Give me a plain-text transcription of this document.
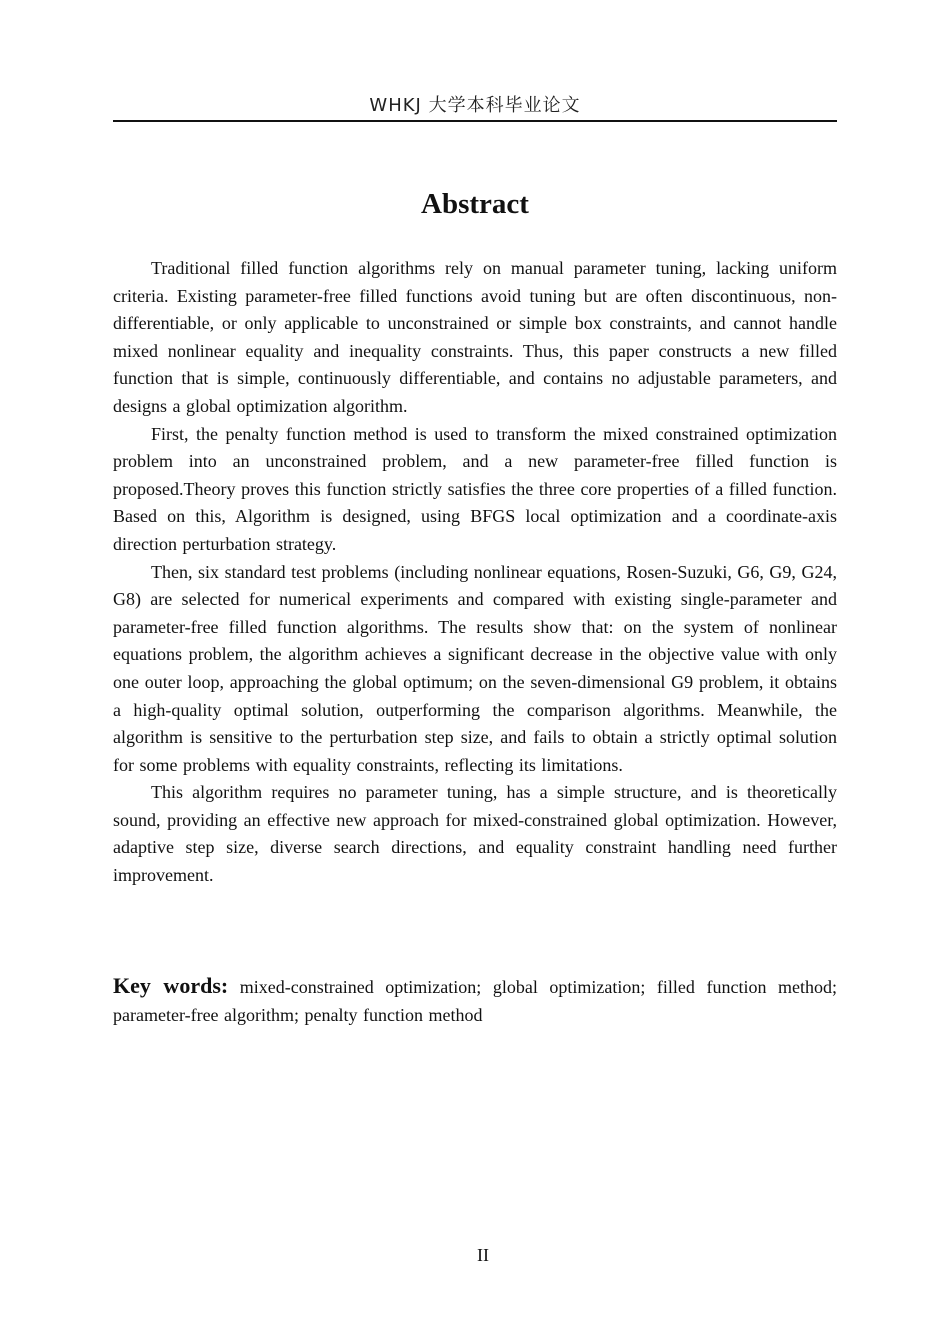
WHKJ 大学本科毕业论文
Abstract

Traditional filled function algorithms rely on manual parameter tuning, lacking uniform criteria. Existing parameter-free filled functions avoid tuning but are often discontinuous, non-differentiable, or only applicable to unconstrained or simple box constraints, and cannot handle mixed nonlinear equality and inequality constraints. Thus, this paper constructs a new filled function that is simple, continuously differentiable, and contains no adjustable parameters, and designs a global optimization algorithm.

First, the penalty function method is used to transform the mixed constrained optimization problem into an unconstrained problem, and a new parameter-free filled function is proposed.Theory proves this function strictly satisfies the three core properties of a filled function. Based on this, Algorithm is designed, using BFGS local optimization and a coordinate-axis direction perturbation strategy.

Then, six standard test problems (including nonlinear equations, Rosen-Suzuki, G6, G9, G24, G8) are selected for numerical experiments and compared with existing single-parameter and parameter-free filled function algorithms. The results show that: on the system of nonlinear equations problem, the algorithm achieves a significant decrease in the objective value with only one outer loop, approaching the global optimum; on the seven-dimensional G9 problem, it obtains a high-quality optimal solution, outperforming the comparison algorithms. Meanwhile, the algorithm is sensitive to the perturbation step size, and fails to obtain a strictly optimal solution for some problems with equality constraints, reflecting its limitations.

This algorithm requires no parameter tuning, has a simple structure, and is theoretically sound, providing an effective new approach for mixed-constrained global optimization. However, adaptive step size, diverse search directions, and equality constraint handling need further improvement.

Key words: mixed-constrained optimization; global optimization; filled function method; parameter-free algorithm; penalty function method

II
